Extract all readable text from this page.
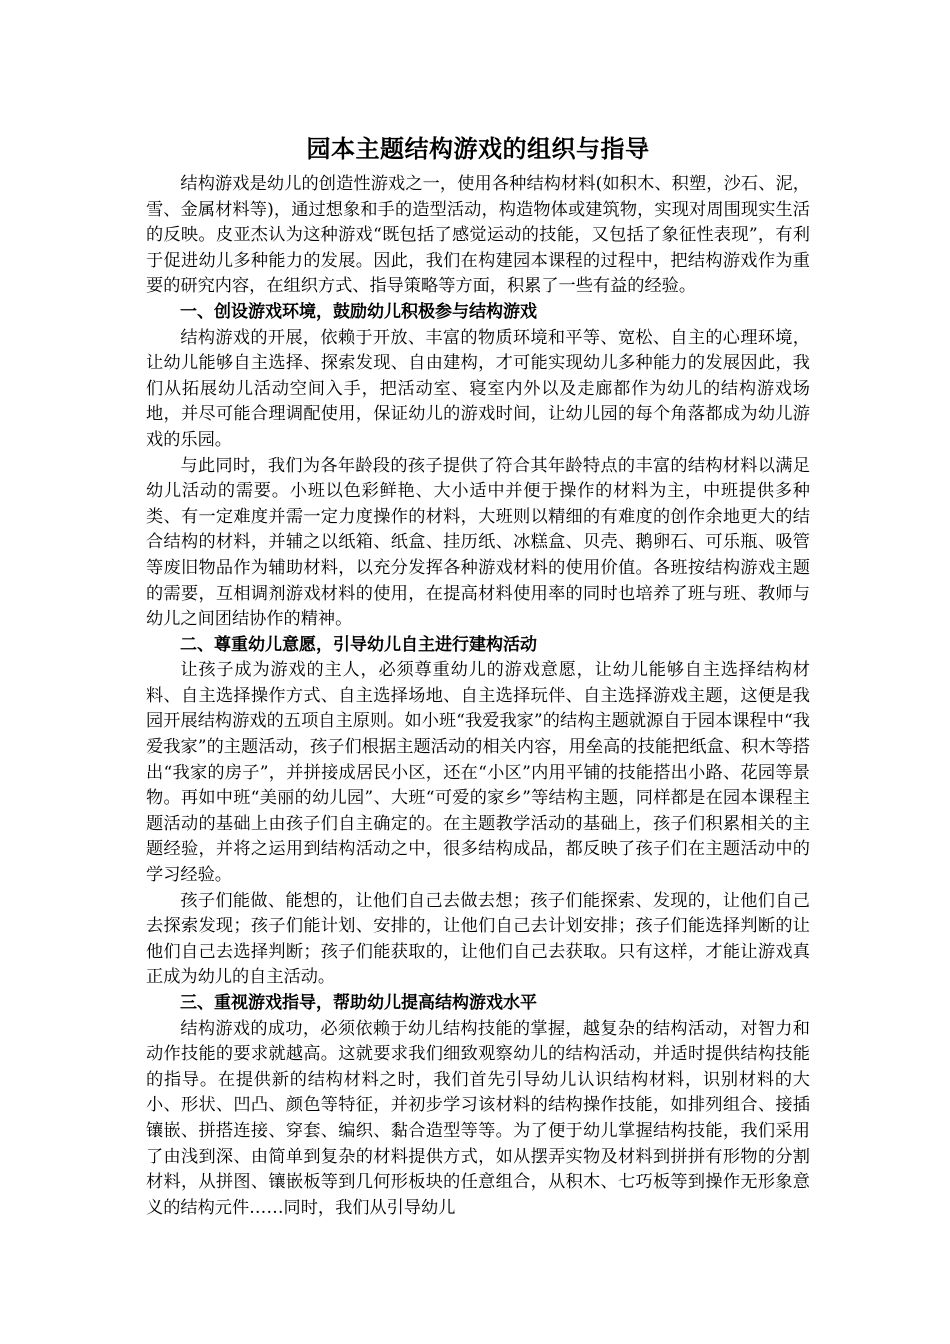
园本主题结构游戏的组织与指导

结构游戏是幼儿的创造性游戏之一，使用各种结构材料(如积木、积塑，沙石、泥，雪、金属材料等)，通过想象和手的造型活动，构造物体或建筑物，实现对周围现实生活的反映。皮亚杰认为这种游戏“既包括了感觉运动的技能，又包括了象征性表现”，有利于促进幼儿多种能力的发展。因此，我们在构建园本课程的过程中，把结构游戏作为重要的研究内容，在组织方式、指导策略等方面，积累了一些有益的经验。

一、创设游戏环境，鼓励幼儿积极参与结构游戏

结构游戏的开展，依赖于开放、丰富的物质环境和平等、宽松、自主的心理环境，让幼儿能够自主选择、探索发现、自由建构，才可能实现幼儿多种能力的发展因此，我们从拓展幼儿活动空间入手，把活动室、寝室内外以及走廊都作为幼儿的结构游戏场地，并尽可能合理调配使用，保证幼儿的游戏时间，让幼儿园的每个角落都成为幼儿游戏的乐园。

与此同时，我们为各年龄段的孩子提供了符合其年龄特点的丰富的结构材料以满足幼儿活动的需要。小班以色彩鲜艳、大小适中并便于操作的材料为主，中班提供多种类、有一定难度并需一定力度操作的材料，大班则以精细的有难度的创作余地更大的结合结构的材料，并辅之以纸箱、纸盒、挂历纸、冰糕盒、贝壳、鹅卵石、可乐瓶、吸管等废旧物品作为辅助材料，以充分发挥各种游戏材料的使用价值。各班按结构游戏主题的需要，互相调剂游戏材料的使用，在提高材料使用率的同时也培养了班与班、教师与幼儿之间团结协作的精神。

二、尊重幼儿意愿，引导幼儿自主进行建构活动

让孩子成为游戏的主人，必须尊重幼儿的游戏意愿，让幼儿能够自主选择结构材料、自主选择操作方式、自主选择场地、自主选择玩伴、自主选择游戏主题，这便是我园开展结构游戏的五项自主原则。如小班“我爱我家”的结构主题就源自于园本课程中“我爱我家”的主题活动，孩子们根据主题活动的相关内容，用垒高的技能把纸盒、积木等搭出“我家的房子”，并拼接成居民小区，还在“小区”内用平铺的技能搭出小路、花园等景物。再如中班“美丽的幼儿园”、大班“可爱的家乡”等结构主题，同样都是在园本课程主题活动的基础上由孩子们自主确定的。在主题教学活动的基础上，孩子们积累相关的主题经验，并将之运用到结构活动之中，很多结构成品，都反映了孩子们在主题活动中的学习经验。

孩子们能做、能想的，让他们自己去做去想；孩子们能探索、发现的，让他们自己去探索发现；孩子们能计划、安排的，让他们自己去计划安排；孩子们能选择判断的让他们自己去选择判断；孩子们能获取的，让他们自己去获取。只有这样，才能让游戏真正成为幼儿的自主活动。

三、重视游戏指导，帮助幼儿提高结构游戏水平

结构游戏的成功，必须依赖于幼儿结构技能的掌握，越复杂的结构活动，对智力和动作技能的要求就越高。这就要求我们细致观察幼儿的结构活动，并适时提供结构技能的指导。在提供新的结构材料之时，我们首先引导幼儿认识结构材料，识别材料的大小、形状、凹凸、颜色等特征，并初步学习该材料的结构操作技能，如排列组合、接插镶嵌、拼搭连接、穿套、编织、黏合造型等等。为了便于幼儿掌握结构技能，我们采用了由浅到深、由简单到复杂的材料提供方式，如从摆弄实物及材料到拼拼有形物的分割材料，从拼图、镶嵌板等到几何形板块的任意组合，从积木、七巧板等到操作无形象意义的结构元件……同时，我们从引导幼儿
